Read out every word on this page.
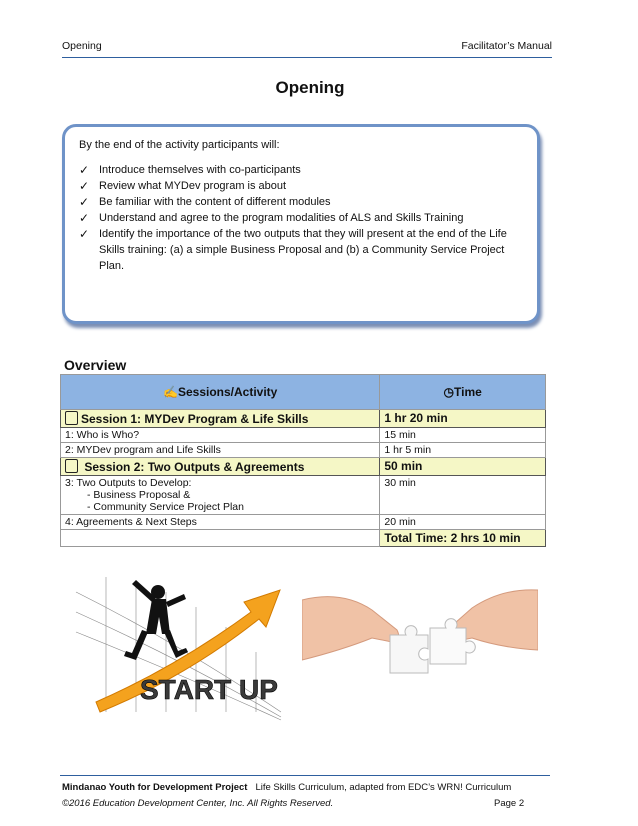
Opening	Facilitator’s Manual
Opening
By the end of the activity participants will:
✓ Introduce themselves with co-participants
✓ Review what MYDev program is about
✓ Be familiar with the content of different modules
✓ Understand and agree to the program modalities of ALS and Skills Training
✓ Identify the importance of the two outputs that they will present at the end of the Life Skills training: (a) a simple Business Proposal and (b) a Community Service Project Plan.
Overview
✍Sessions/Activity	◷Time
Session 1: MYDev Program & Life Skills	1 hr 20 min
1: Who is Who?	15 min
2: MYDev program and Life Skills	1 hr 5 min
Session 2: Two Outputs & Agreements	50 min

3: Two Outputs to Develop:
- Business Proposal &
- Community Service Project Plan	30 min
4: Agreements & Next Steps	20 min
	Total Time: 2 hrs 10 min
START UP
Mindanao Youth for Development Project Life Skills Curriculum, adapted from EDC’s WRN! Curriculum
©2016 Education Development Center, Inc. All Rights Reserved.	Page 2
